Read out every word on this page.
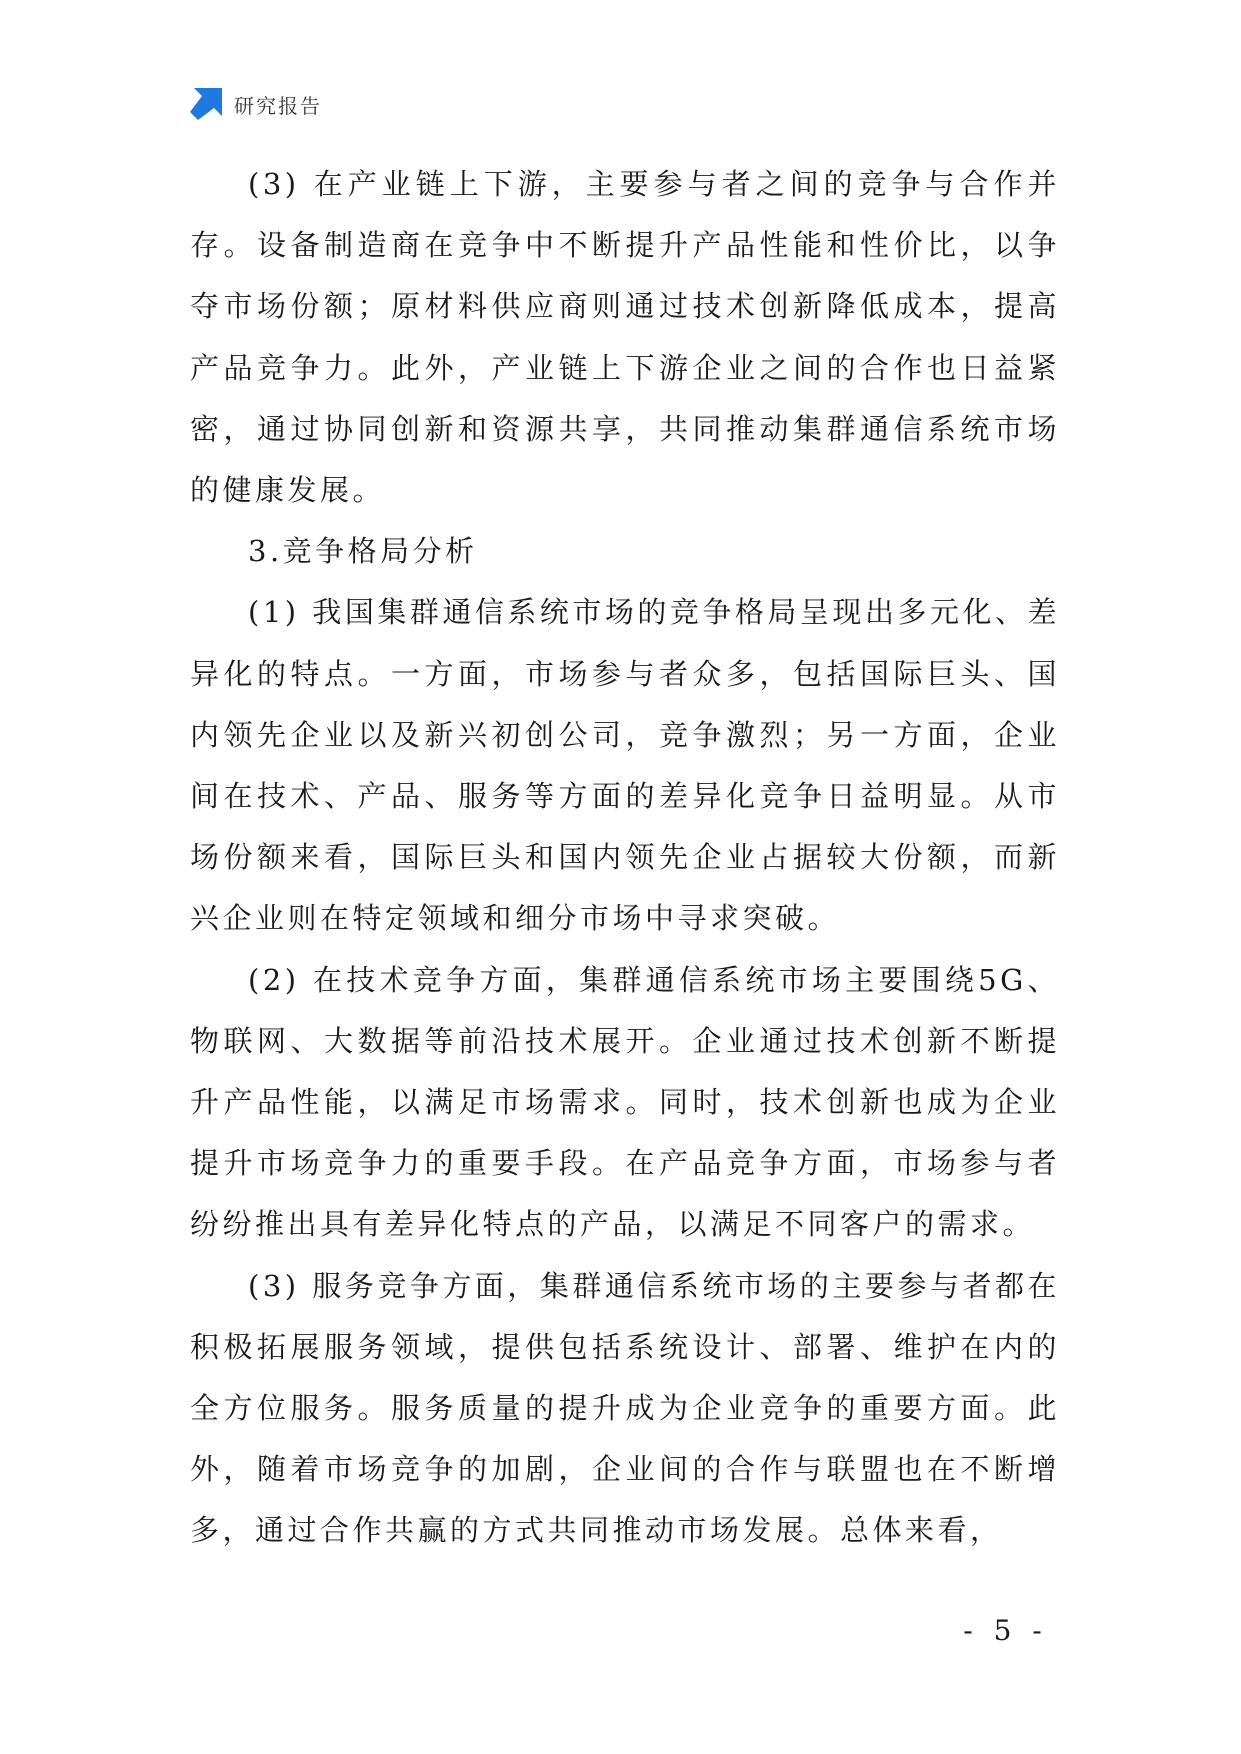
研究报告

(3) 在产业链上下游，主要参与者之间的竞争与合作并存。设备制造商在竞争中不断提升产品性能和性价比，以争夺市场份额；原材料供应商则通过技术创新降低成本，提高产品竞争力。此外，产业链上下游企业之间的合作也日益紧密，通过协同创新和资源共享，共同推动集群通信系统市场的健康发展。

3.竞争格局分析

(1) 我国集群通信系统市场的竞争格局呈现出多元化、差异化的特点。一方面，市场参与者众多，包括国际巨头、国内领先企业以及新兴初创公司，竞争激烈；另一方面，企业间在技术、产品、服务等方面的差异化竞争日益明显。从市场份额来看，国际巨头和国内领先企业占据较大份额，而新兴企业则在特定领域和细分市场中寻求突破。

(2) 在技术竞争方面，集群通信系统市场主要围绕5G、物联网、大数据等前沿技术展开。企业通过技术创新不断提升产品性能，以满足市场需求。同时，技术创新也成为企业提升市场竞争力的重要手段。在产品竞争方面，市场参与者纷纷推出具有差异化特点的产品，以满足不同客户的需求。

(3) 服务竞争方面，集群通信系统市场的主要参与者都在积极拓展服务领域，提供包括系统设计、部署、维护在内的全方位服务。服务质量的提升成为企业竞争的重要方面。此外，随着市场竞争的加剧，企业间的合作与联盟也在不断增多，通过合作共赢的方式共同推动市场发展。总体来看，

- 5 -
